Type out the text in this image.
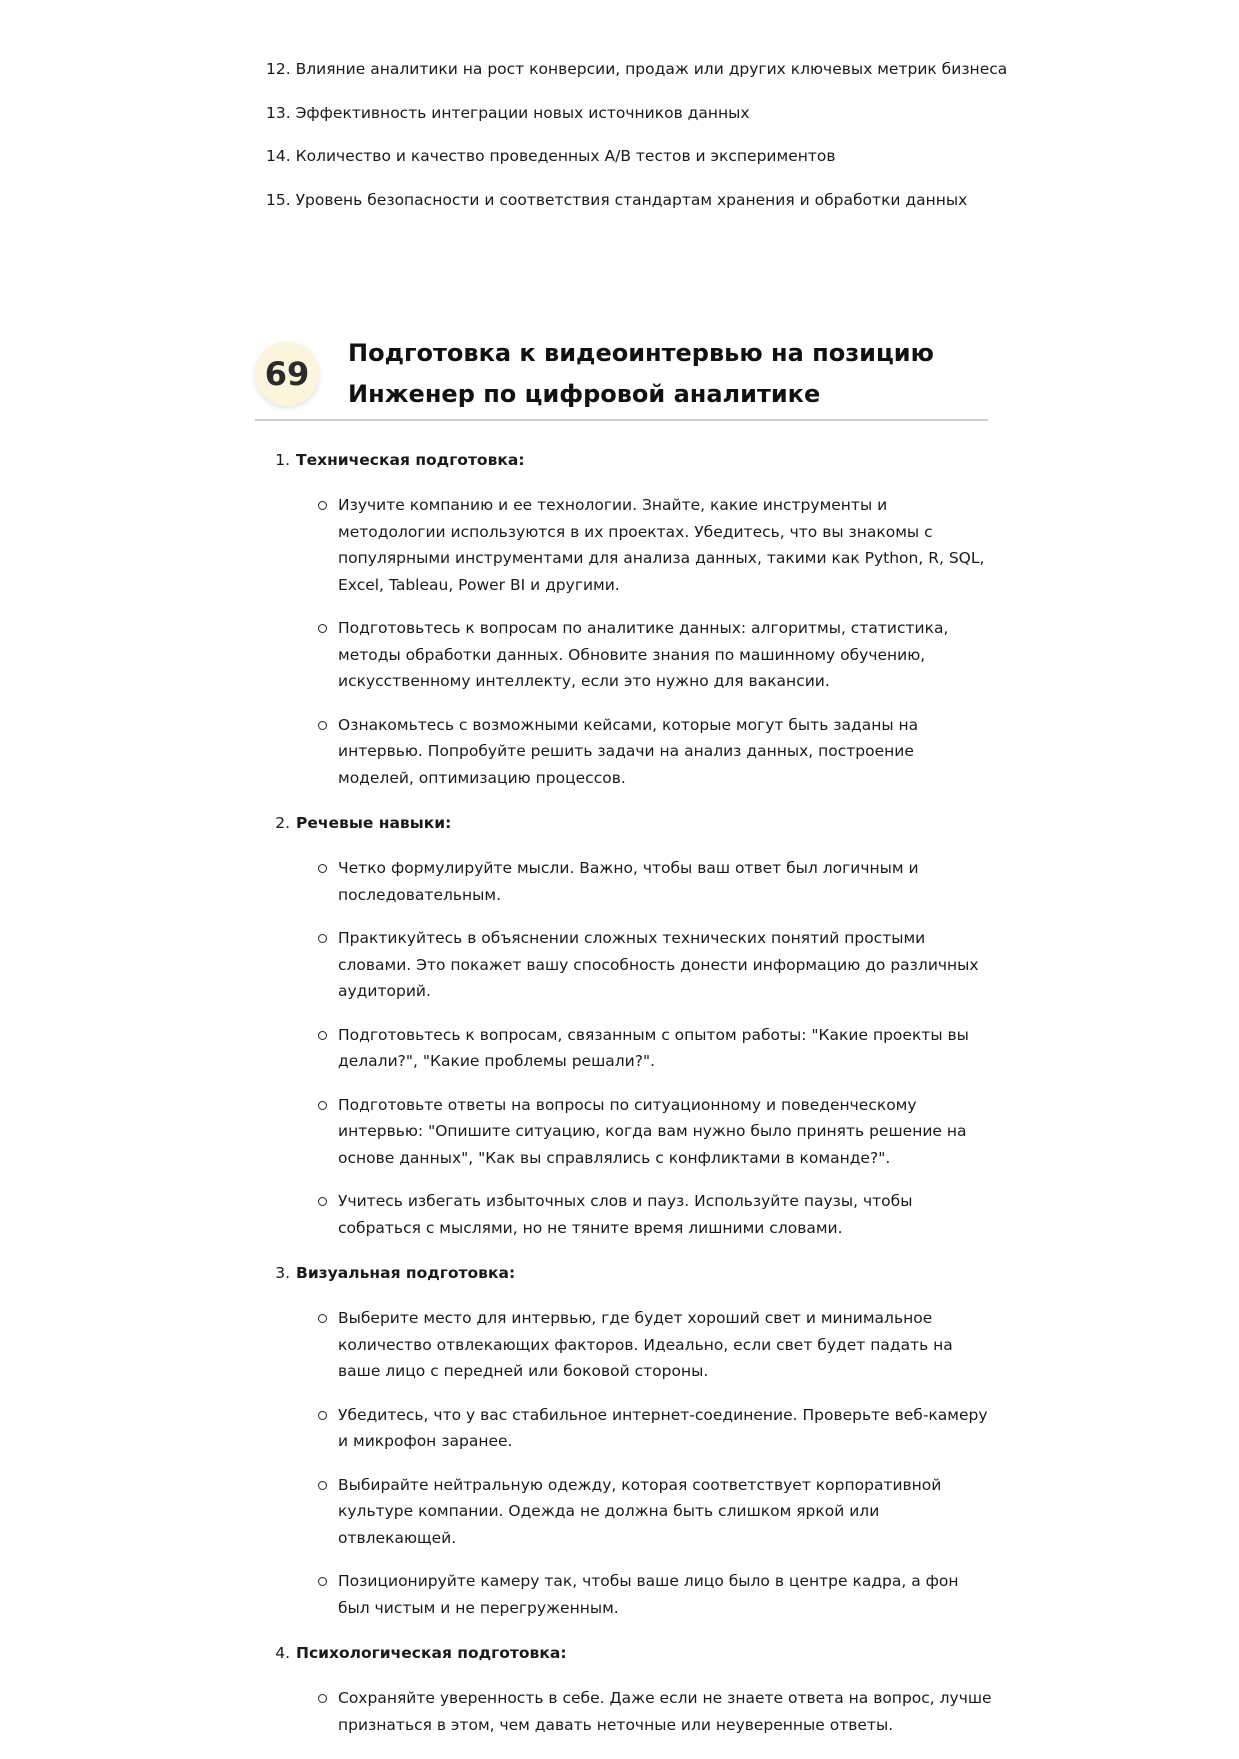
12. Влияние аналитики на рост конверсии, продаж или других ключевых метрик бизнеса
13. Эффективность интеграции новых источников данных
14. Количество и качество проведенных A/B тестов и экспериментов
15. Уровень безопасности и соответствия стандартам хранения и обработки данных
69
Подготовка к видеоинтервью на позицию
Инженер по цифровой аналитике
1. Техническая подготовка:
Изучите компанию и ее технологии. Знайте, какие инструменты и методологии используются в их проектах. Убедитесь, что вы знакомы с популярными инструментами для анализа данных, такими как Python, R, SQL, Excel, Tableau, Power BI и другими.
Подготовьтесь к вопросам по аналитике данных: алгоритмы, статистика, методы обработки данных. Обновите знания по машинному обучению, искусственному интеллекту, если это нужно для вакансии.
Ознакомьтесь с возможными кейсами, которые могут быть заданы на интервью. Попробуйте решить задачи на анализ данных, построение моделей, оптимизацию процессов.
2. Речевые навыки:
Четко формулируйте мысли. Важно, чтобы ваш ответ был логичным и последовательным.
Практикуйтесь в объяснении сложных технических понятий простыми словами. Это покажет вашу способность донести информацию до различных аудиторий.
Подготовьтесь к вопросам, связанным с опытом работы: "Какие проекты вы делали?", "Какие проблемы решали?".
Подготовьте ответы на вопросы по ситуационному и поведенческому интервью: "Опишите ситуацию, когда вам нужно было принять решение на основе данных", "Как вы справлялись с конфликтами в команде?".
Учитесь избегать избыточных слов и пауз. Используйте паузы, чтобы собраться с мыслями, но не тяните время лишними словами.
3. Визуальная подготовка:
Выберите место для интервью, где будет хороший свет и минимальное количество отвлекающих факторов. Идеально, если свет будет падать на ваше лицо с передней или боковой стороны.
Убедитесь, что у вас стабильное интернет-соединение. Проверьте веб-камеру и микрофон заранее.
Выбирайте нейтральную одежду, которая соответствует корпоративной культуре компании. Одежда не должна быть слишком яркой или отвлекающей.
Позиционируйте камеру так, чтобы ваше лицо было в центре кадра, а фон был чистым и не перегруженным.
4. Психологическая подготовка:
Сохраняйте уверенность в себе. Даже если не знаете ответа на вопрос, лучше признаться в этом, чем давать неточные или неуверенные ответы.
